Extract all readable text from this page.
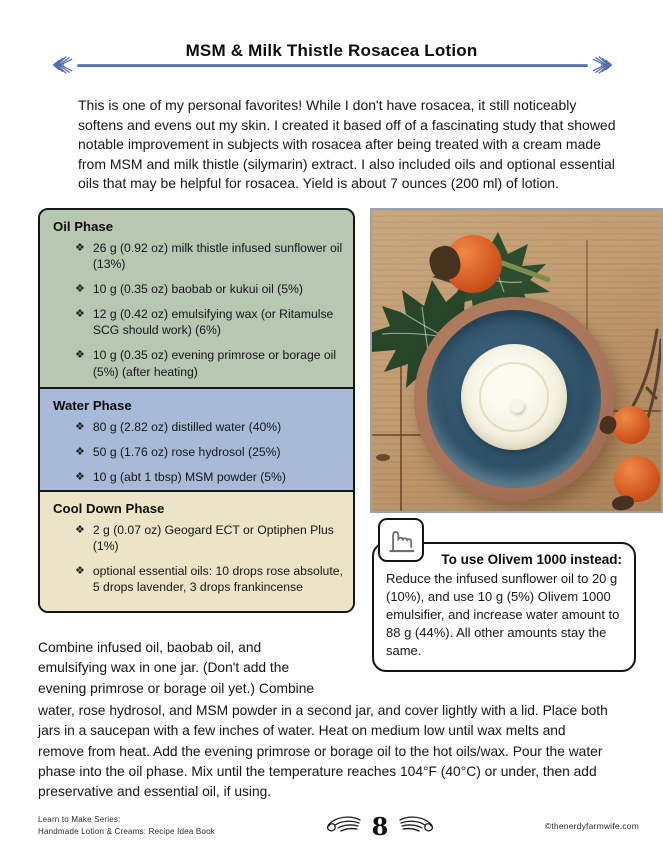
MSM & Milk Thistle Rosacea Lotion

This is one of my personal favorites! While I don't have rosacea, it still noticeably softens and evens out my skin. I created it based off of a fascinating study that showed notable improvement in subjects with rosacea after being treated with a cream made from MSM and milk thistle (silymarin) extract. I also included oils and optional essential oils that may be helpful for rosacea. Yield is about 7 ounces (200 ml) of lotion.

Oil Phase
❖ 26 g (0.92 oz) milk thistle infused sunflower oil (13%)
❖ 10 g (0.35 oz) baobab or kukui oil (5%)
❖ 12 g (0.42 oz) emulsifying wax (or Ritamulse SCG should work) (6%)
❖ 10 g (0.35 oz) evening primrose or borage oil (5%) (after heating)
Water Phase
❖ 80 g (2.82 oz) distilled water (40%)
❖ 50 g (1.76 oz) rose hydrosol (25%)
❖ 10 g (abt 1 tbsp) MSM powder (5%)
Cool Down Phase
❖ 2 g (0.07 oz) Geogard ECT or Optiphen Plus (1%)
❖ optional essential oils: 10 drops rose absolute, 5 drops lavender, 3 drops frankincense
To use Olivem 1000 instead:

Reduce the infused sunflower oil to 20 g (10%), and use 10 g (5%) Olivem 1000 emulsifier, and increase water amount to 88 g (44%). All other amounts stay the same.

Combine infused oil, baobab oil, and emulsifying wax in one jar. (Don't add the evening primrose or borage oil yet.) Combine

water, rose hydrosol, and MSM powder in a second jar, and cover lightly with a lid. Place both jars in a saucepan with a few inches of water. Heat on medium low until wax melts and remove from heat. Add the evening primrose or borage oil to the hot oils/wax. Pour the water phase into the oil phase. Mix until the temperature reaches 104°F (40°C) or under, then add preservative and essential oil, if using.

Learn to Make Series:
Handmade Lotion & Creams: Recipe Idea Book	8	©thenerdyfarmwife.com
